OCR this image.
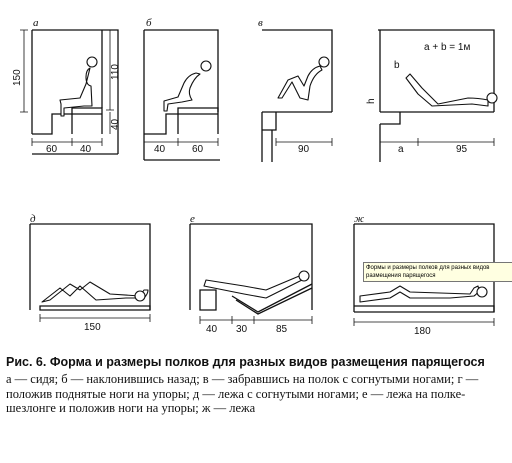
а
150	110
40
60 40
б
40	60
в
90
a + b = 1м
h
а	95
b
д
150
е
40 30	85
ж
180
Формы и размеры полков для разных видов размещения парящегося
Рис. 6. Форма и размеры полков для разных видов размещения парящегося
а — сидя; б — наклонившись назад; в — забравшись на полок с согнутыми ногами; г — положив поднятые ноги на упоры; д — лежа с согнутыми ногами; е — лежа на полке-шезлонге и положив ноги на упоры; ж — лежа
